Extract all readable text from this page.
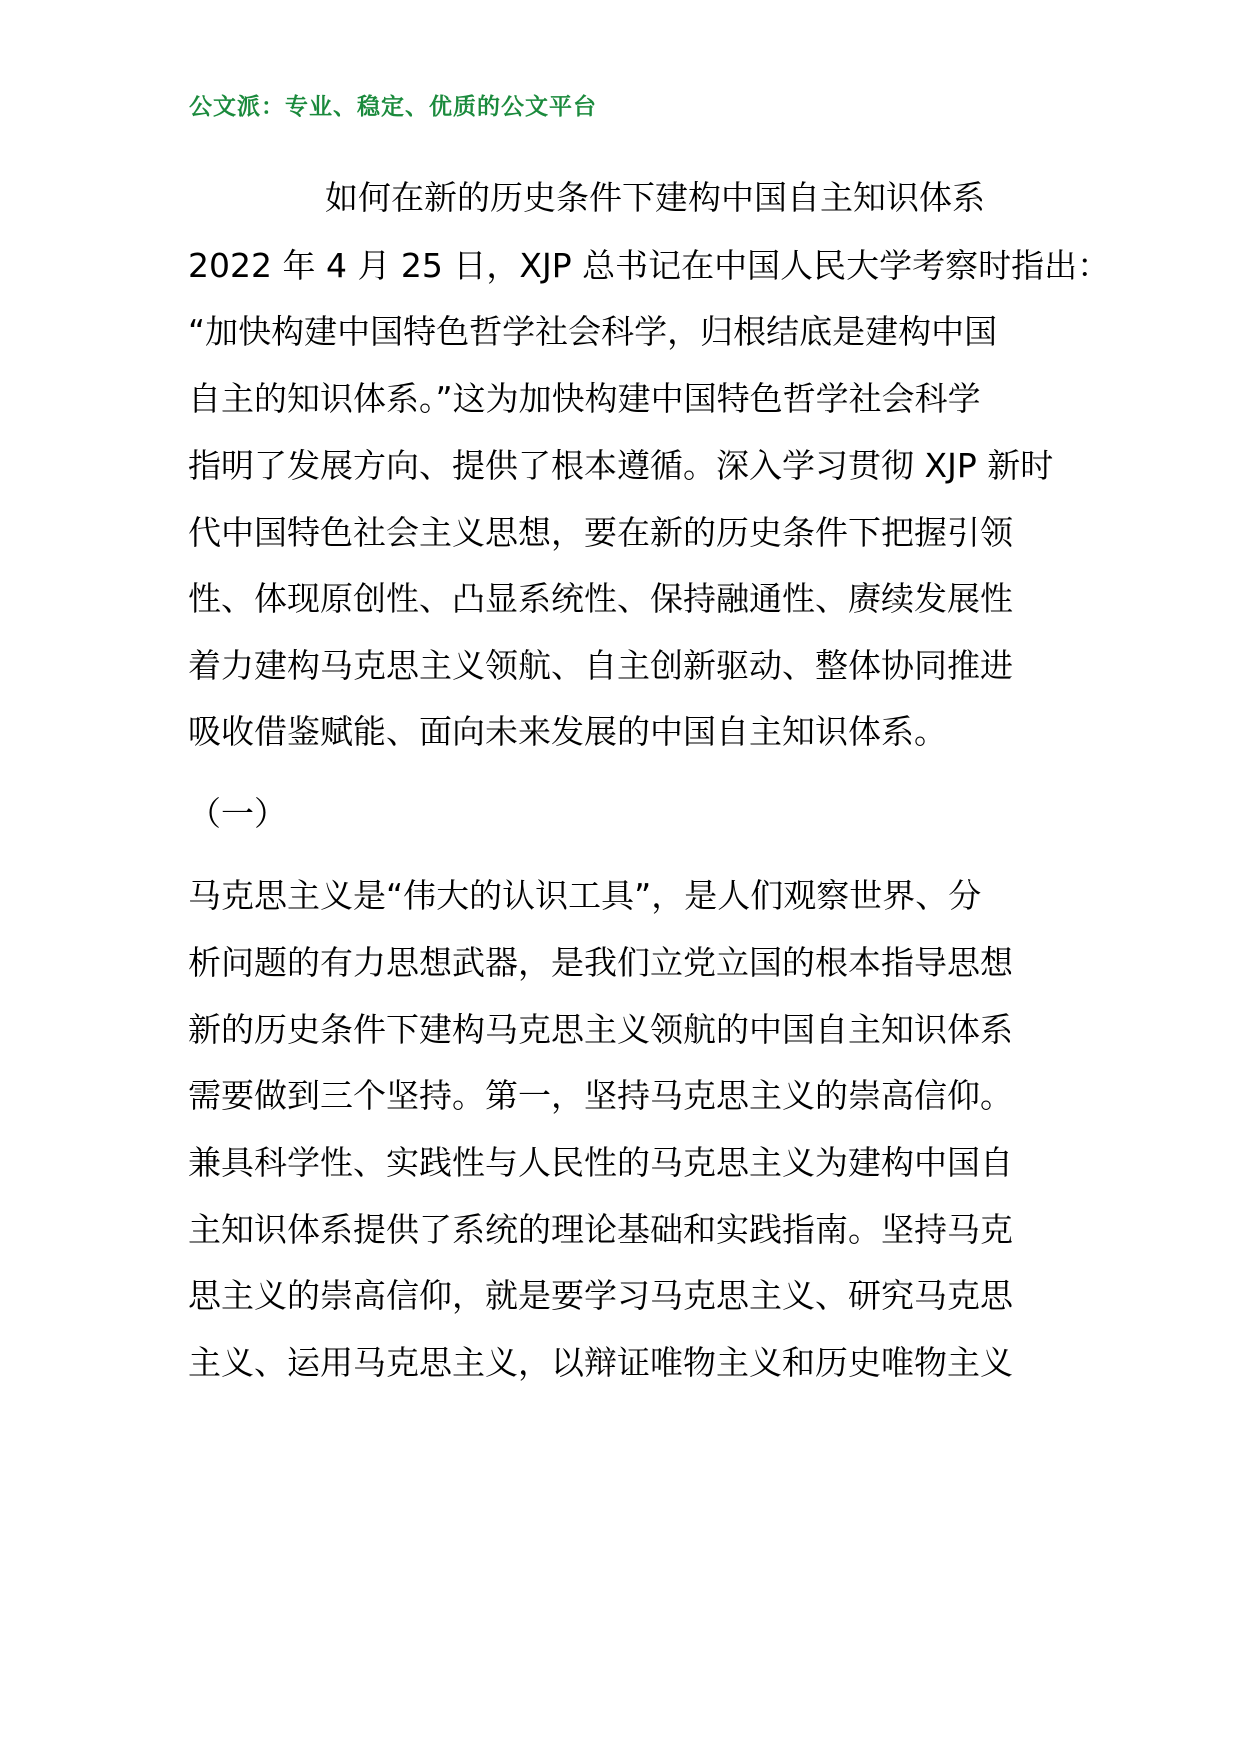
公文派：专业、稳定、优质的公文平台
如何在新的历史条件下建构中国自主知识体系
2022 年 4 月 25 日，XJP 总书记在中国人民大学考察时指出：
“加快构建中国特色哲学社会科学，归根结底是建构中国
自主的知识体系。”这为加快构建中国特色哲学社会科学
指明了发展方向、提供了根本遵循。深入学习贯彻 XJP 新时
代中国特色社会主义思想，要在新的历史条件下把握引领
性、体现原创性、凸显系统性、保持融通性、赓续发展性
着力建构马克思主义领航、自主创新驱动、整体协同推进
吸收借鉴赋能、面向未来发展的中国自主知识体系。
（一）
马克思主义是“伟大的认识工具”，是人们观察世界、分
析问题的有力思想武器，是我们立党立国的根本指导思想
新的历史条件下建构马克思主义领航的中国自主知识体系
需要做到三个坚持。第一，坚持马克思主义的崇高信仰。
兼具科学性、实践性与人民性的马克思主义为建构中国自
主知识体系提供了系统的理论基础和实践指南。坚持马克
思主义的崇高信仰，就是要学习马克思主义、研究马克思
主义、运用马克思主义，以辩证唯物主义和历史唯物主义
